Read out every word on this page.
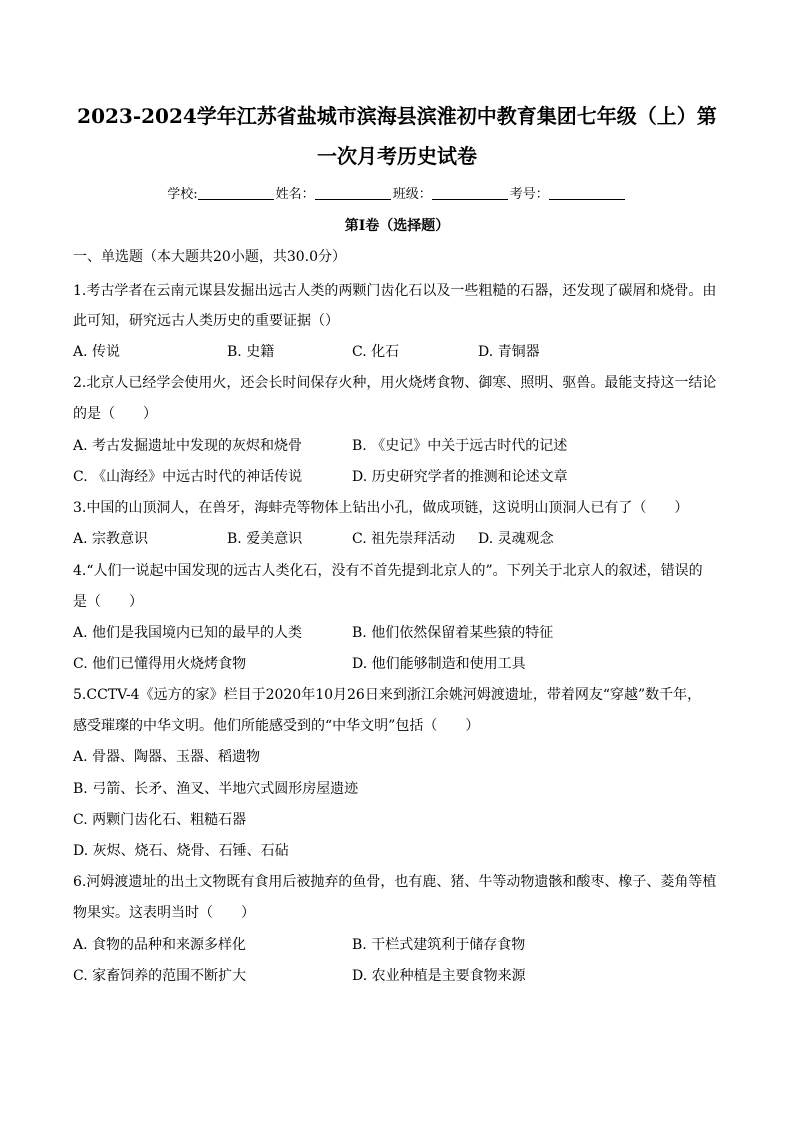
2023-2024学年江苏省盐城市滨海县滨淮初中教育集团七年级（上）第
一次月考历史试卷
学校:	姓名：	班级：	考号：
第I卷（选择题）
一、单选题（本大题共20小题，共30.0分）
1.考古学者在云南元谋县发掘出远古人类的两颗门齿化石以及一些粗糙的石器，还发现了碳屑和烧骨。由
此可知，研究远古人类历史的重要证据（）
A. 传说	B. 史籍	C. 化石	D. 青铜器
2.北京人已经学会使用火，还会长时间保存火种，用火烧烤食物、御寒、照明、驱兽。最能支持这一结论
的是（　　）
A. 考古发掘遗址中发现的灰烬和烧骨	B. 《史记》中关于远古时代的记述
C. 《山海经》中远古时代的神话传说	D. 历史研究学者的推测和论述文章
3.中国的山顶洞人，在兽牙，海蚌壳等物体上钻出小孔，做成项链，这说明山顶洞人已有了（　　）
A. 宗教意识	B. 爱美意识	C. 祖先崇拜活动 D. 灵魂观念
4.“人们一说起中国发现的远古人类化石，没有不首先提到北京人的”。下列关于北京人的叙述，错误的
是（　　）
A. 他们是我国境内已知的最早的人类	B. 他们依然保留着某些猿的特征
C. 他们已懂得用火烧烤食物	D. 他们能够制造和使用工具
5.CCTV-4《远方的家》栏目于2020年10月26日来到浙江余姚河姆渡遗址，带着网友“穿越”数千年，
感受璀璨的中华文明。他们所能感受到的“中华文明”包括（　　）
A. 骨器、陶器、玉器、稻遗物
B. 弓箭、长矛、渔叉、半地穴式圆形房屋遗迹
C. 两颗门齿化石、粗糙石器
D. 灰烬、烧石、烧骨、石锤、石砧
6.河姆渡遗址的出土文物既有食用后被抛弃的鱼骨，也有鹿、猪、牛等动物遗骸和酸枣、橡子、菱角等植
物果实。这表明当时（　　）
A. 食物的品种和来源多样化	B. 干栏式建筑利于储存食物
C. 家畜饲养的范围不断扩大	D. 农业种植是主要食物来源
